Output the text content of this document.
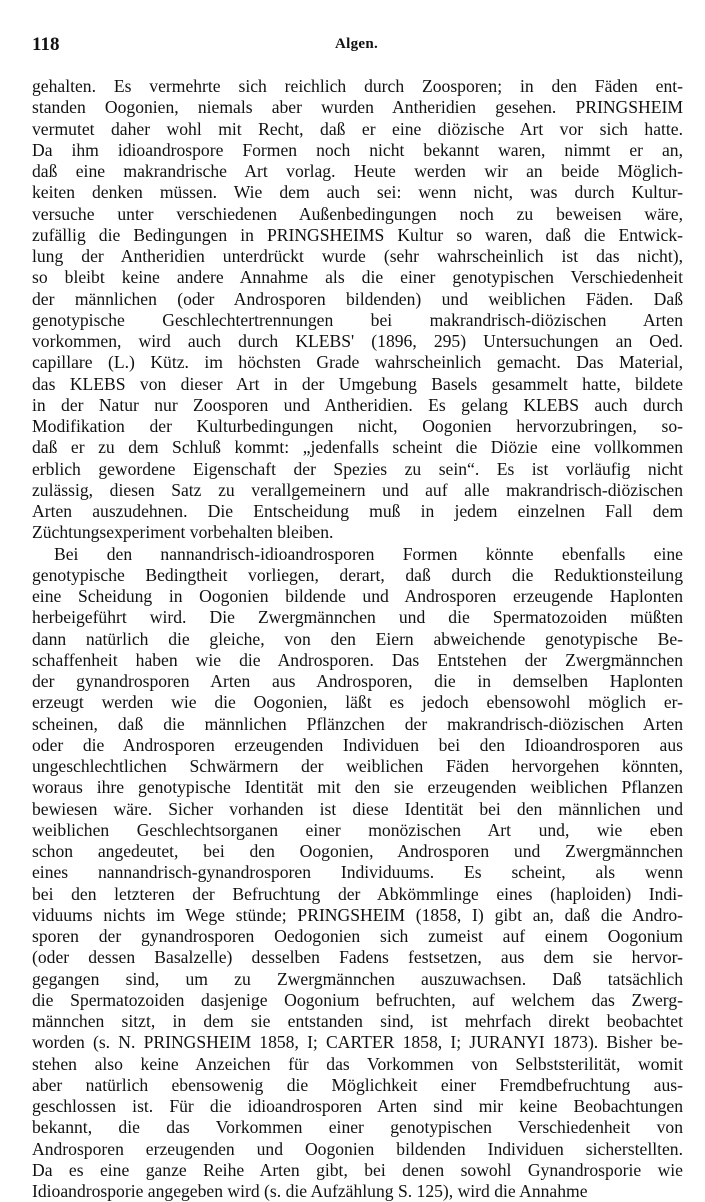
118	Algen.
gehalten. Es vermehrte sich reichlich durch Zoosporen; in den Fäden ent-
standen Oogonien, niemals aber wurden Antheridien gesehen. PRINGSHEIM
vermutet daher wohl mit Recht, daß er eine diözische Art vor sich hatte.
Da ihm idioandrospore Formen noch nicht bekannt waren, nimmt er an,
daß eine makrandrische Art vorlag. Heute werden wir an beide Möglich-
keiten denken müssen. Wie dem auch sei: wenn nicht, was durch Kultur-
versuche unter verschiedenen Außenbedingungen noch zu beweisen wäre,
zufällig die Bedingungen in PRINGSHEIMS Kultur so waren, daß die Entwick-
lung der Antheridien unterdrückt wurde (sehr wahrscheinlich ist das nicht),
so bleibt keine andere Annahme als die einer genotypischen Verschiedenheit
der männlichen (oder Androsporen bildenden) und weiblichen Fäden. Daß
genotypische Geschlechtertrennungen bei makrandrisch-diözischen Arten
vorkommen, wird auch durch KLEBS' (1896, 295) Untersuchungen an Oed.
capillare (L.) Kütz. im höchsten Grade wahrscheinlich gemacht. Das Material,
das KLEBS von dieser Art in der Umgebung Basels gesammelt hatte, bildete
in der Natur nur Zoosporen und Antheridien. Es gelang KLEBS auch durch
Modifikation der Kulturbedingungen nicht, Oogonien hervorzubringen, so-
daß er zu dem Schluß kommt: „jedenfalls scheint die Diözie eine vollkommen
erblich gewordene Eigenschaft der Spezies zu sein“. Es ist vorläufig nicht
zulässig, diesen Satz zu verallgemeinern und auf alle makrandrisch-diözischen
Arten auszudehnen. Die Entscheidung muß in jedem einzelnen Fall dem
Züchtungsexperiment vorbehalten bleiben.
Bei den nannandrisch-idioandrosporen Formen könnte ebenfalls eine
genotypische Bedingtheit vorliegen, derart, daß durch die Reduktionsteilung
eine Scheidung in Oogonien bildende und Androsporen erzeugende Haplonten
herbeigeführt wird. Die Zwergmännchen und die Spermatozoiden müßten
dann natürlich die gleiche, von den Eiern abweichende genotypische Be-
schaffenheit haben wie die Androsporen. Das Entstehen der Zwergmännchen
der gynandrosporen Arten aus Androsporen, die in demselben Haplonten
erzeugt werden wie die Oogonien, läßt es jedoch ebensowohl möglich er-
scheinen, daß die männlichen Pflänzchen der makrandrisch-diözischen Arten
oder die Androsporen erzeugenden Individuen bei den Idioandrosporen aus
ungeschlechtlichen Schwärmern der weiblichen Fäden hervorgehen könnten,
woraus ihre genotypische Identität mit den sie erzeugenden weiblichen Pflanzen
bewiesen wäre. Sicher vorhanden ist diese Identität bei den männlichen und
weiblichen Geschlechtsorganen einer monözischen Art und, wie eben
schon angedeutet, bei den Oogonien, Androsporen und Zwergmännchen
eines nannandrisch-gynandrosporen Individuums. Es scheint, als wenn
bei den letzteren der Befruchtung der Abkömmlinge eines (haploiden) Indi-
viduums nichts im Wege stünde; PRINGSHEIM (1858, I) gibt an, daß die Andro-
sporen der gynandrosporen Oedogonien sich zumeist auf einem Oogonium
(oder dessen Basalzelle) desselben Fadens festsetzen, aus dem sie hervor-
gegangen sind, um zu Zwergmännchen auszuwachsen. Daß tatsächlich
die Spermatozoiden dasjenige Oogonium befruchten, auf welchem das Zwerg-
männchen sitzt, in dem sie entstanden sind, ist mehrfach direkt beobachtet
worden (s. N. PRINGSHEIM 1858, I; CARTER 1858, I; JURANYI 1873). Bisher be-
stehen also keine Anzeichen für das Vorkommen von Selbststerilität, womit
aber natürlich ebensowenig die Möglichkeit einer Fremdbefruchtung aus-
geschlossen ist. Für die idioandrosporen Arten sind mir keine Beobachtungen
bekannt, die das Vorkommen einer genotypischen Verschiedenheit von
Androsporen erzeugenden und Oogonien bildenden Individuen sicherstellten.
Da es eine ganze Reihe Arten gibt, bei denen sowohl Gynandrosporie wie
Idioandrosporie angegeben wird (s. die Aufzählung S. 125), wird die Annahme
